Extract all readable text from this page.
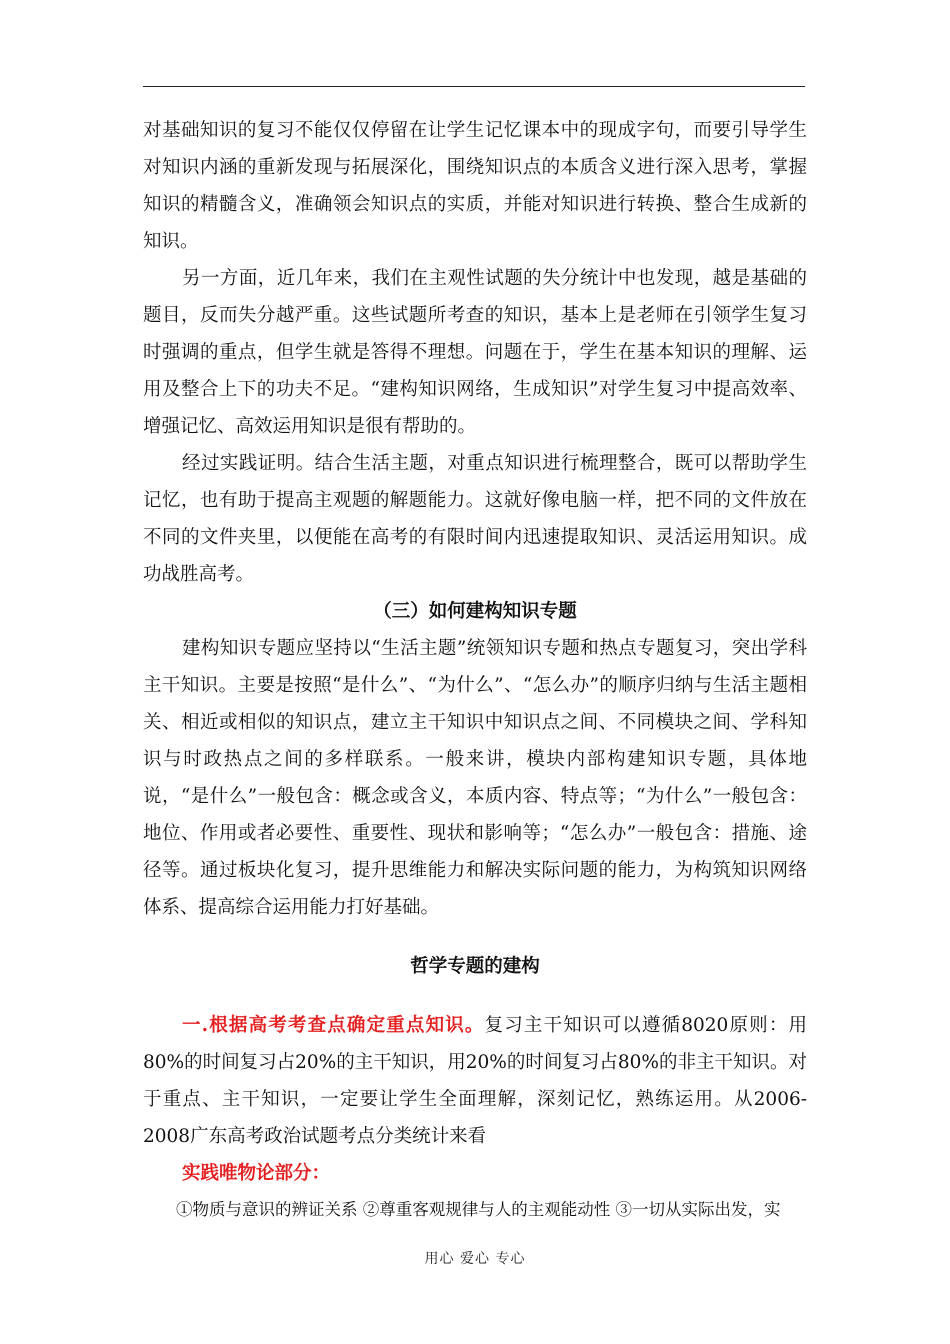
对基础知识的复习不能仅仅停留在让学生记忆课本中的现成字句，而要引导学生对知识内涵的重新发现与拓展深化，围绕知识点的本质含义进行深入思考，掌握知识的精髓含义，准确领会知识点的实质，并能对知识进行转换、整合生成新的知识。

另一方面，近几年来，我们在主观性试题的失分统计中也发现，越是基础的题目，反而失分越严重。这些试题所考查的知识，基本上是老师在引领学生复习时强调的重点，但学生就是答得不理想。问题在于，学生在基本知识的理解、运用及整合上下的功夫不足。“建构知识网络，生成知识”对学生复习中提高效率、增强记忆、高效运用知识是很有帮助的。

经过实践证明。结合生活主题，对重点知识进行梳理整合，既可以帮助学生记忆，也有助于提高主观题的解题能力。这就好像电脑一样，把不同的文件放在不同的文件夹里，以便能在高考的有限时间内迅速提取知识、灵活运用知识。成功战胜高考。

（三）如何建构知识专题

建构知识专题应坚持以“生活主题”统领知识专题和热点专题复习，突出学科主干知识。主要是按照“是什么”、“为什么”、“怎么办”的顺序归纳与生活主题相关、相近或相似的知识点，建立主干知识中知识点之间、不同模块之间、学科知识与时政热点之间的多样联系。一般来讲，模块内部构建知识专题，具体地说，“是什么”一般包含：概念或含义，本质内容、特点等；“为什么”一般包含：地位、作用或者必要性、重要性、现状和影响等；“怎么办”一般包含：措施、途径等。通过板块化复习，提升思维能力和解决实际问题的能力，为构筑知识网络体系、提高综合运用能力打好基础。

哲学专题的建构

一.根据高考考查点确定重点知识。复习主干知识可以遵循8020原则：用80%的时间复习占20%的主干知识，用20%的时间复习占80%的非主干知识。对于重点、主干知识，一定要让学生全面理解，深刻记忆，熟练运用。从2006-2008广东高考政治试题考点分类统计来看

实践唯物论部分：

①物质与意识的辨证关系 ②尊重客观规律与人的主观能动性 ③一切从实际出发，实

用心 爱心 专心
